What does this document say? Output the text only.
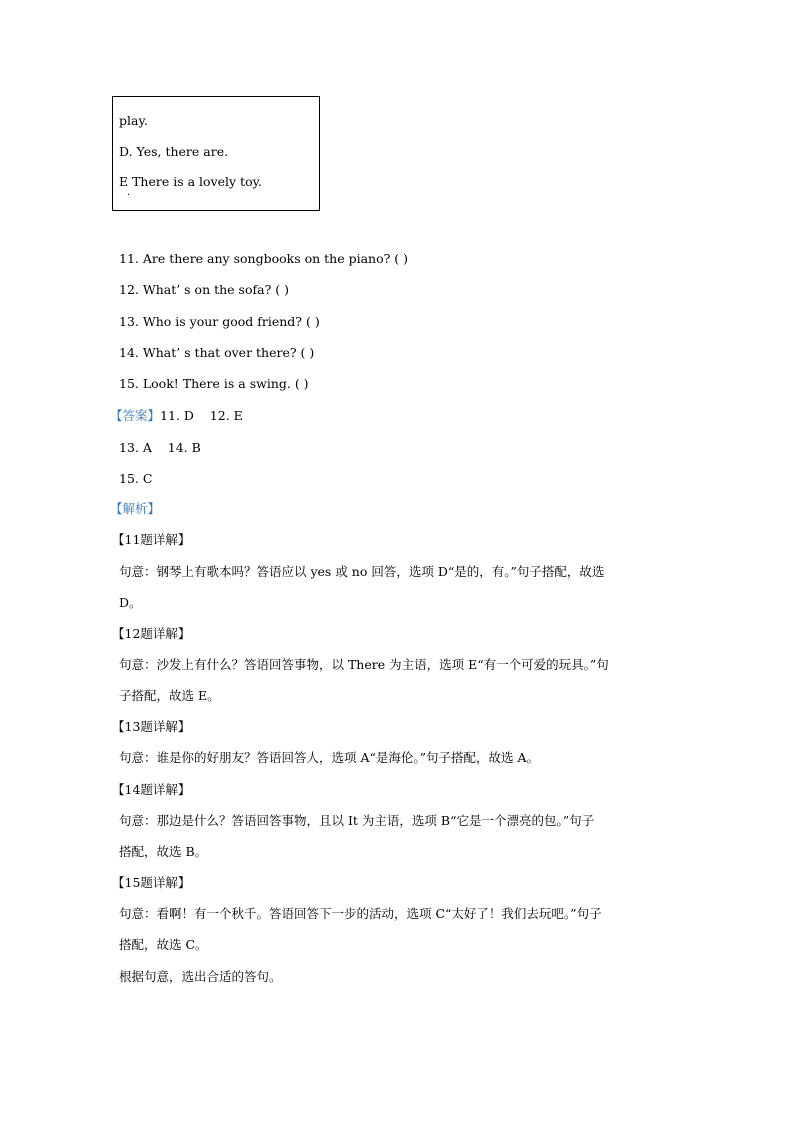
play.
D. Yes, there are.
E There is a lovely toy.
·
11. Are there any songbooks on the piano? ( )
12. What’ s on the sofa? ( )
13. Who is your good friend? ( )
14. What’ s that over there? ( )
15. Look! There is a swing. ( )
【答案】11. D    12. E
13. A    14. B
15. C
【解析】
【11题详解】
句意：钢琴上有歌本吗？答语应以 yes 或 no 回答，选项 D“是的，有。”句子搭配，故选
D。
【12题详解】
句意：沙发上有什么？答语回答事物，以 There 为主语，选项 E“有一个可爱的玩具。”句
子搭配，故选 E。
【13题详解】
句意：谁是你的好朋友？答语回答人，选项 A“是海伦。”句子搭配，故选 A。
【14题详解】
句意：那边是什么？答语回答事物，且以 It 为主语，选项 B“它是一个漂亮的包。”句子
搭配，故选 B。
【15题详解】
句意：看啊！有一个秋千。答语回答下一步的活动，选项 C“太好了！我们去玩吧。”句子
搭配，故选 C。
根据句意，选出合适的答句。
